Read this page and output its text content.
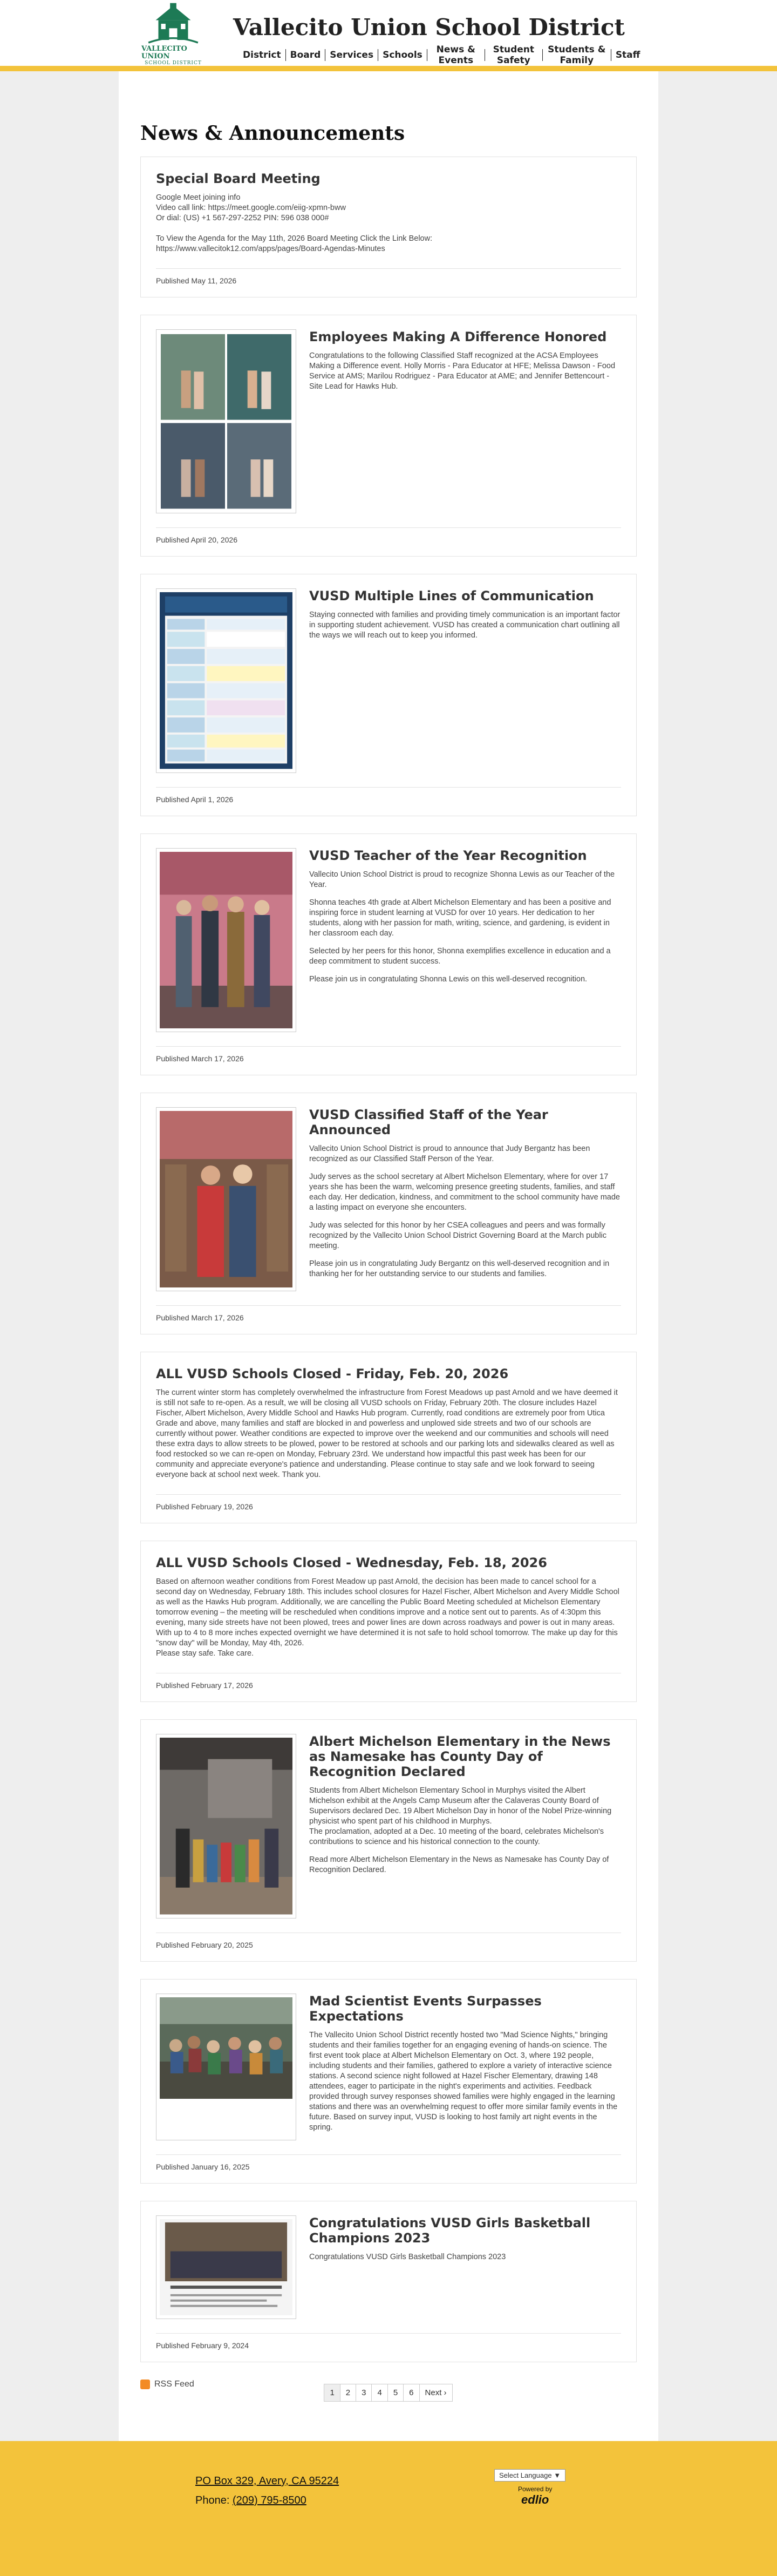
VALLECITO UNION
SCHOOL DISTRICT
Vallecito Union School District
District Board Services Schools	News & Events
Student Safety
Students & Family	Staff
News & Announcements
Special Board Meeting

Google Meet joining info

Video call link: https://meet.google.com/eiig-xpmn-bww

Or dial: (US) +1 567-297-2252 PIN: 596 038 000#

To View the Agenda for the May 11th, 2026 Board Meeting Click the Link Below:

https://www.vallecitok12.com/apps/pages/Board-Agendas-Minutes

Published May 11, 2026
Employees Making A Difference Honored

Congratulations to the following Classified Staff recognized at the ACSA Employees Making a Difference event. Holly Morris - Para Educator at HFE; Melissa Dawson - Food Service at AMS; Marilou Rodriguez - Para Educator at AME; and Jennifer Bettencourt - Site Lead for Hawks Hub.

Published April 20, 2026
VUSD Multiple Lines of Communication

Staying connected with families and providing timely communication is an important factor in supporting student achievement. VUSD has created a communication chart outlining all the ways we will reach out to keep you informed.

Published April 1, 2026
VUSD Teacher of the Year Recognition

Vallecito Union School District is proud to recognize Shonna Lewis as our Teacher of the Year.

Shonna teaches 4th grade at Albert Michelson Elementary and has been a positive and inspiring force in student learning at VUSD for over 10 years. Her dedication to her students, along with her passion for math, writing, science, and gardening, is evident in her classroom each day.

Selected by her peers for this honor, Shonna exemplifies excellence in education and a deep commitment to student success.

Please join us in congratulating Shonna Lewis on this well-deserved recognition.

Published March 17, 2026
VUSD Classified Staff of the Year Announced

Vallecito Union School District is proud to announce that Judy Bergantz has been recognized as our Classified Staff Person of the Year.

Judy serves as the school secretary at Albert Michelson Elementary, where for over 17 years she has been the warm, welcoming presence greeting students, families, and staff each day. Her dedication, kindness, and commitment to the school community have made a lasting impact on everyone she encounters.

Judy was selected for this honor by her CSEA colleagues and peers and was formally recognized by the Vallecito Union School District Governing Board at the March public meeting.

Please join us in congratulating Judy Bergantz on this well-deserved recognition and in thanking her for her outstanding service to our students and families.

Published March 17, 2026
ALL VUSD Schools Closed - Friday, Feb. 20, 2026

The current winter storm has completely overwhelmed the infrastructure from Forest Meadows up past Arnold and we have deemed it is still not safe to re-open. As a result, we will be closing all VUSD schools on Friday, February 20th. The closure includes Hazel Fischer, Albert Michelson, Avery Middle School and Hawks Hub program. Currently, road conditions are extremely poor from Utica Grade and above, many families and staff are blocked in and powerless and unplowed side streets and two of our schools are currently without power. Weather conditions are expected to improve over the weekend and our communities and schools will need these extra days to allow streets to be plowed, power to be restored at schools and our parking lots and sidewalks cleared as well as food restocked so we can re-open on Monday, February 23rd. We understand how impactful this past week has been for our community and appreciate everyone's patience and understanding. Please continue to stay safe and we look forward to seeing everyone back at school next week. Thank you.

Published February 19, 2026
ALL VUSD Schools Closed - Wednesday, Feb. 18, 2026

Based on afternoon weather conditions from Forest Meadow up past Arnold, the decision has been made to cancel school for a second day on Wednesday, February 18th. This includes school closures for Hazel Fischer, Albert Michelson and Avery Middle School as well as the Hawks Hub program. Additionally, we are cancelling the Public Board Meeting scheduled at Michelson Elementary tomorrow evening – the meeting will be rescheduled when conditions improve and a notice sent out to parents. As of 4:30pm this evening, many side streets have not been plowed, trees and power lines are down across roadways and power is out in many areas. With up to 4 to 8 more inches expected overnight we have determined it is not safe to hold school tomorrow. The make up day for this "snow day" will be Monday, May 4th, 2026.

Please stay safe. Take care.

Published February 17, 2026
Albert Michelson Elementary in the News as Namesake has County Day of Recognition Declared

Students from Albert Michelson Elementary School in Murphys visited the Albert Michelson exhibit at the Angels Camp Museum after the Calaveras County Board of Supervisors declared Dec. 19 Albert Michelson Day in honor of the Nobel Prize-winning physicist who spent part of his childhood in Murphys.

The proclamation, adopted at a Dec. 10 meeting of the board, celebrates Michelson's contributions to science and his historical connection to the county.

Read more Albert Michelson Elementary in the News as Namesake has County Day of Recognition Declared.

Published February 20, 2025
Mad Scientist Events Surpasses Expectations

The Vallecito Union School District recently hosted two "Mad Science Nights," bringing students and their families together for an engaging evening of hands-on science. The first event took place at Albert Michelson Elementary on Oct. 3, where 192 people, including students and their families, gathered to explore a variety of interactive science stations. A second science night followed at Hazel Fischer Elementary, drawing 148 attendees, eager to participate in the night's experiments and activities. Feedback provided through survey responses showed families were highly engaged in the learning stations and there was an overwhelming request to offer more similar family events in the future. Based on survey input, VUSD is looking to host family art night events in the spring.

Published January 16, 2025
Congratulations VUSD Girls Basketball Champions 2023

Congratulations VUSD Girls Basketball Champions 2023

Published February 9, 2024
RSS Feed
1	2	3	4	5	6	Next ›
PO Box 329, Avery, CA 95224
Phone: (209) 795-8500
Select Language ▼
Powered by
edlio
